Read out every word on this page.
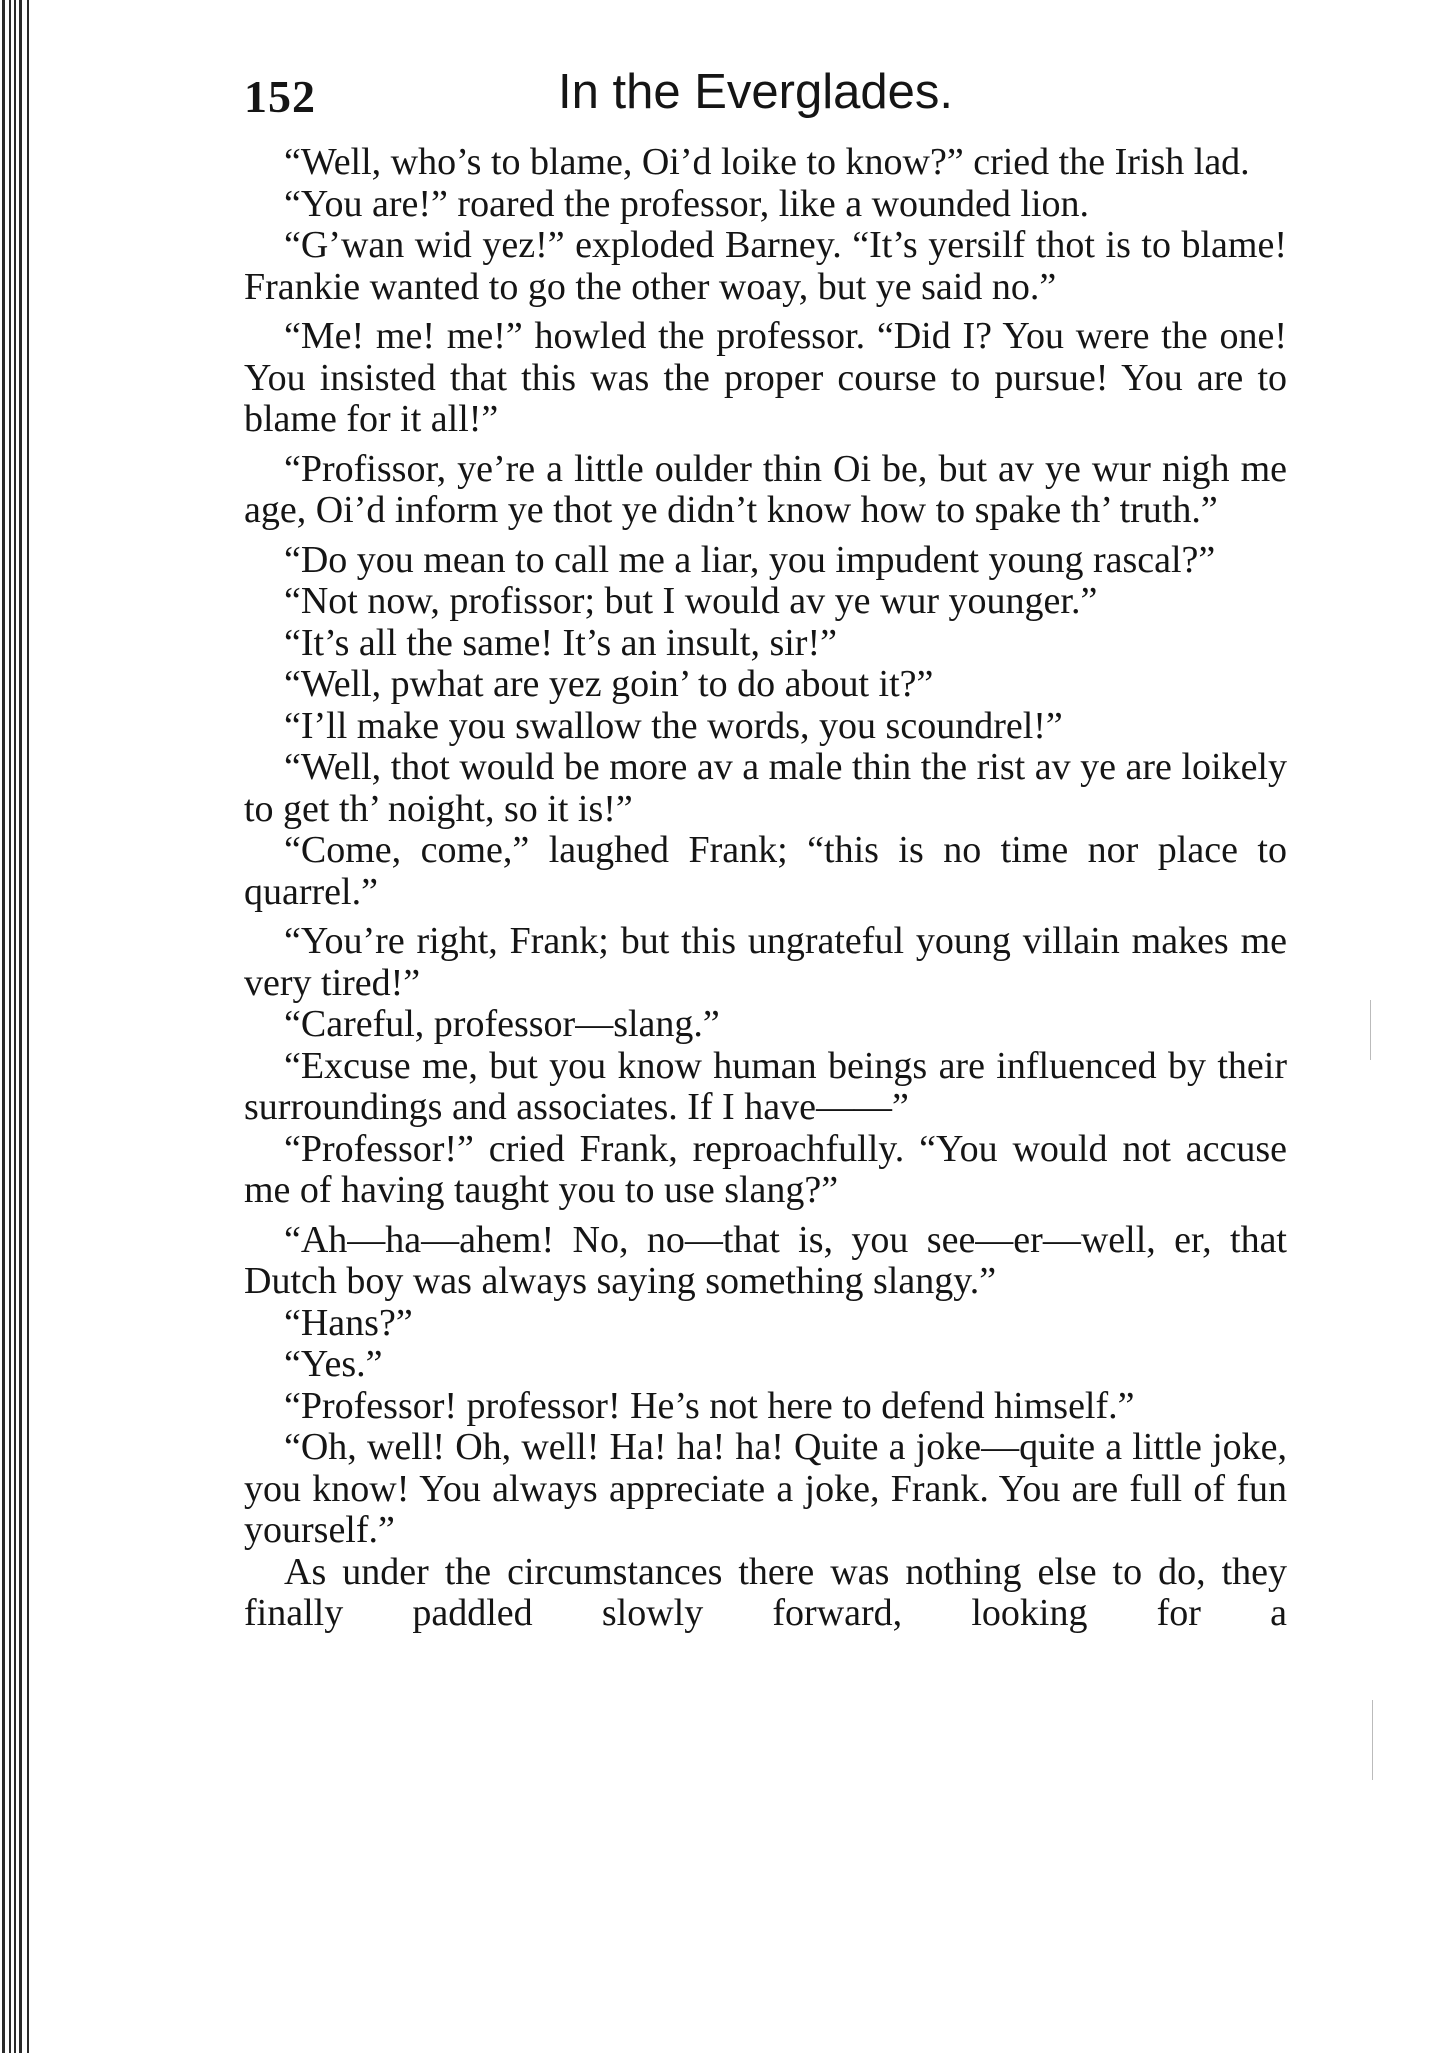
152	In the Everglades.

“Well, who’s to blame, Oi’d loike to know?” cried the Irish lad.

“You are!” roared the professor, like a wounded lion.

“G’wan wid yez!” exploded Barney. “It’s yersilf thot is to blame! Frankie wanted to go the other woay, but ye said no.”

“Me! me! me!” howled the professor. “Did I? You were the one! You insisted that this was the proper course to pursue! You are to blame for it all!”

“Profissor, ye’re a little oulder thin Oi be, but av ye wur nigh me age, Oi’d inform ye thot ye didn’t know how to spake th’ truth.”

“Do you mean to call me a liar, you impudent young rascal?”

“Not now, profissor; but I would av ye wur younger.”

“It’s all the same! It’s an insult, sir!”

“Well, pwhat are yez goin’ to do about it?”

“I’ll make you swallow the words, you scoundrel!”

“Well, thot would be more av a male thin the rist av ye are loikely to get th’ noight, so it is!”

“Come, come,” laughed Frank; “this is no time nor place to quarrel.”

“You’re right, Frank; but this ungrateful young villain makes me very tired!”

“Careful, professor—slang.”

“Excuse me, but you know human beings are influenced by their surroundings and associates. If I have——”

“Professor!” cried Frank, reproachfully. “You would not accuse me of having taught you to use slang?”

“Ah—ha—ahem! No, no—that is, you see—er—well, er, that Dutch boy was always saying something slangy.”

“Hans?”

“Yes.”

“Professor! professor! He’s not here to defend himself.”

“Oh, well! Oh, well! Ha! ha! ha! Quite a joke—quite a little joke, you know! You always appreciate a joke, Frank. You are full of fun yourself.”

As under the circumstances there was nothing else to do, they finally paddled slowly forward, looking for a
